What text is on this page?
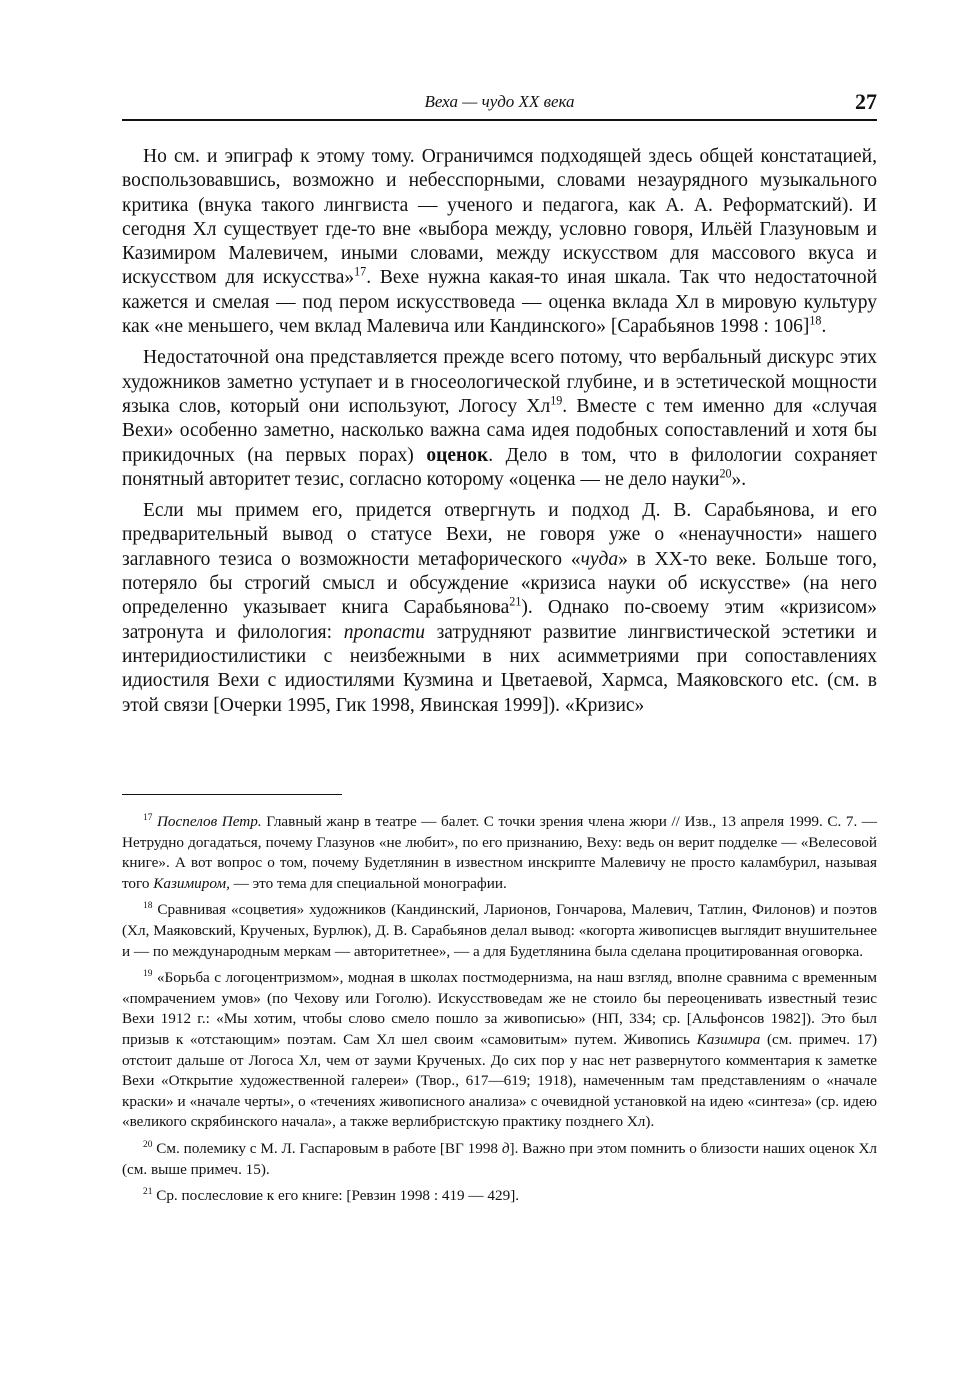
Веха — чудо XX века	27

Но см. и эпиграф к этому тому. Ограничимся подходящей здесь общей констатацией, воспользовавшись, возможно и небесспорными, словами незаурядного музыкального критика (внука такого лингвиста — ученого и педагога, как А. А. Реформатский). И сегодня Хл существует где-то вне «выбора между, условно говоря, Ильёй Глазуновым и Казимиром Малевичем, иными словами, между искусством для массового вкуса и искусством для искусства»$^{17}$. Вехе нужна какая-то иная шкала. Так что недостаточной кажется и смелая — под пером искусствоведа — оценка вклада Хл в мировую культуру как «не меньшего, чем вклад Малевича или Кандинского» [Сарабьянов 1998 : 106]$^{18}$.

Недостаточной она представляется прежде всего потому, что вербальный дискурс этих художников заметно уступает и в гносеологической глубине, и в эстетической мощности языка слов, который они используют, Логосу $Хл^{19}$. Вместе с тем именно для «случая Вехи» особенно заметно, насколько важна сама идея подобных сопоставлений и хотя бы прикидочных (на первых порах) оценок. Дело в том, что в филологии сохраняет понятный авторитет тезис, согласно которому «оценка — не дело науки$^{20}$».

Если мы примем его, придется отвергнуть и подход Д. В. Сарабьянова, и его предварительный вывод о статусе Вехи, не говоря уже о «ненаучности» нашего заглавного тезиса о возможности метафорического «чуда» в XX-то веке. Больше того, потеряло бы строгий смысл и обсуждение «кризиса науки об искусстве» (на него определенно указывает книга Сарабьянова$^{21}$). Однако по-своему этим «кризисом» затронута и филология: пропасти затрудняют развитие лингвистической эстетики и интеридиостилистики с неизбежными в них асимметриями при сопоставлениях идиостиля Вехи с идиостилями Кузмина и Цветаевой, Хармса, Маяковского etc. (см. в этой связи [Очерки 1995, Гик 1998, Явинская 1999]). «Кризис»

$^{17}$ Поспелов Петр. Главный жанр в театре — балет. С точки зрения члена жюри // Изв., 13 апреля 1999. С. 7. — Нетрудно догадаться, почему Глазунов «не любит», по его признанию, Веху: ведь он верит подделке — «Велесовой книге». А вот вопрос о том, почему Будетлянин в известном инскрипте Малевичу не просто каламбурил, называя того Казимиром, — это тема для специальной монографии.

$^{18}$ Сравнивая «соцветия» художников (Кандинский, Ларионов, Гончарова, Малевич, Татлин, Филонов) и поэтов (Хл, Маяковский, Крученых, Бурлюк), Д. В. Сарабьянов делал вывод: «когорта живописцев выглядит внушительнее и — по международным меркам — авторитетнее», — а для Будетлянина была сделана процитированная оговорка.

$^{19}$ «Борьба с логоцентризмом», модная в школах постмодернизма, на наш взгляд, вполне сравнима с временным «помрачением умов» (по Чехову или Гоголю). Искусствоведам же не стоило бы переоценивать известный тезис Вехи 1912 г.: «Мы хотим, чтобы слово смело пошло за живописью» (НП, 334; ср. [Альфонсов 1982]). Это был призыв к «отстающим» поэтам. Сам Хл шел своим «самовитым» путем. Живопись Казимира (см. примеч. 17) отстоит дальше от Логоса Хл, чем от зауми Крученых. До сих пор у нас нет развернутого комментария к заметке Вехи «Открытие художественной галереи» (Твор., 617—619; 1918), намеченным там представлениям о «начале краски» и «начале черты», о «течениях живописного анализа» с очевидной установкой на идею «синтеза» (ср. идею «великого скрябинского начала», а также верлибристскую практику позднего Хл).

$^{20}$ См. полемику с М. Л. Гаспаровым в работе [ВГ 1998 д]. Важно при этом помнить о близости наших оценок Хл (см. выше примеч. 15).

$^{21}$ Ср. послесловие к его книге: [Ревзин 1998 : 419 — 429].
